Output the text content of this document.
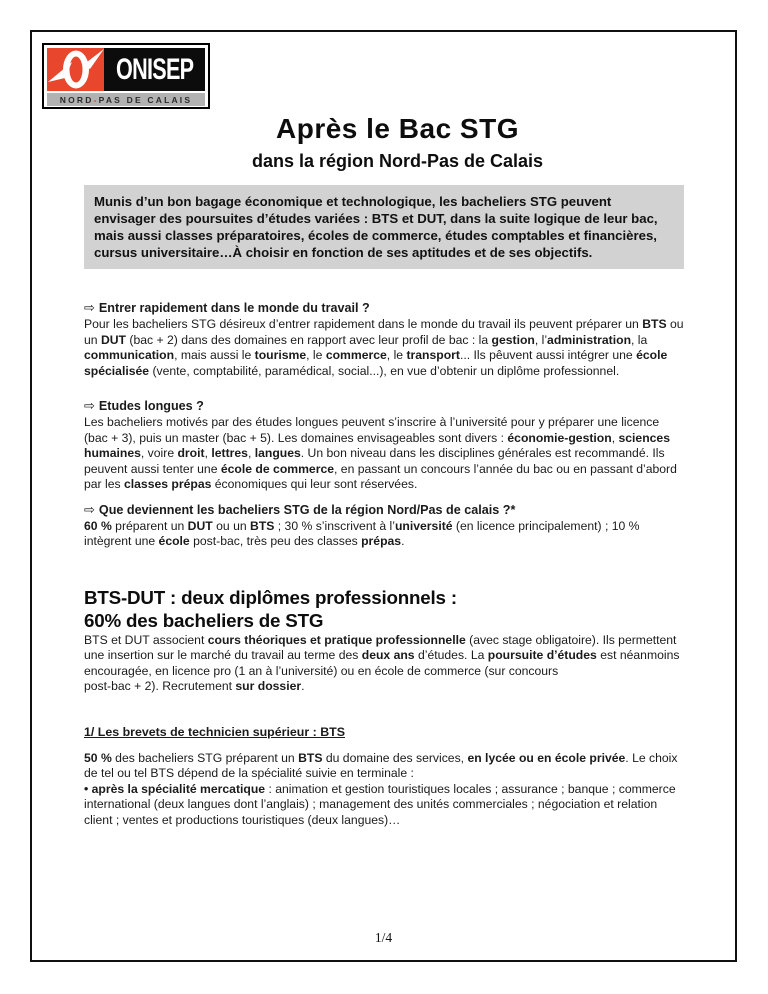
ONISEP
NORD - PAS DE CALAIS
Après le Bac STG
dans la région Nord-Pas de Calais
Munis d’un bon bagage économique et technologique, les bacheliers STG peuvent envisager des poursuites d’études variées : BTS et DUT, dans la suite logique de leur bac, mais aussi classes préparatoires, écoles de commerce, études comptables et financières, cursus universitaire…À choisir en fonction de ses aptitudes et de ses objectifs.

⇨ Entrer rapidement dans le monde du travail ?

Pour les bacheliers STG désireux d’entrer rapidement dans le monde du travail ils peuvent préparer un BTS ou un DUT (bac + 2) dans des domaines en rapport avec leur profil de bac : la gestion, l’administration, la communication, mais aussi le tourisme, le commerce, le transport... Ils pêuvent aussi intégrer une école spécialisée (vente, comptabilité, paramédical, social...), en vue d’obtenir un diplôme professionnel.

⇨ Etudes longues ?

Les bacheliers motivés par des études longues peuvent s’inscrire à l’université pour y préparer une licence (bac + 3), puis un master (bac + 5). Les domaines envisageables sont divers : économie-gestion, sciences humaines, voire droit, lettres, langues. Un bon niveau dans les disciplines générales est recommandé. Ils peuvent aussi tenter une école de commerce, en passant un concours l’année du bac ou en passant d’abord par les classes prépas économiques qui leur sont réservées.

⇨ Que deviennent les bacheliers STG de la région Nord/Pas de calais ?*

60 % préparent un DUT ou un BTS ; 30 % s’inscrivent à l’université (en licence principalement) ; 10 % intègrent une école post-bac, très peu des classes prépas.

BTS-DUT : deux diplômes professionnels :
60% des bacheliers de STG

BTS et DUT associent cours théoriques et pratique professionnelle (avec stage obligatoire). Ils permettent une insertion sur le marché du travail au terme des deux ans d’études. La poursuite d’études est néanmoins encouragée, en licence pro (1 an à l’université) ou en école de commerce (sur concours
post-bac + 2). Recrutement sur dossier.

1/ Les brevets de technicien supérieur : BTS

50 % des bacheliers STG préparent un BTS du domaine des services, en lycée ou en école privée. Le choix de tel ou tel BTS dépend de la spécialité suivie en terminale :
• après la spécialité mercatique : animation et gestion touristiques locales ; assurance ; banque ; commerce international (deux langues dont l’anglais) ; management des unités commerciales ; négociation et relation client ; ventes et productions touristiques (deux langues)…

1/4
